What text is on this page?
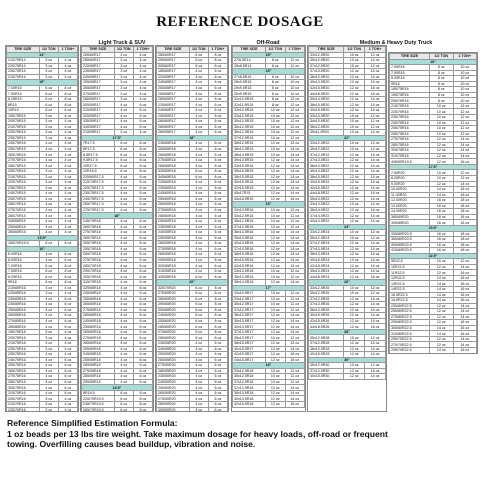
REFERENCE DOSAGE
Light Truck & SUV	Off-Road	Medium & Heavy Duty Truck
TIRE SIZE	1/2 TON	1 TON+
14"		
215/75R14	3 oz	4 oz
225/75R14	3 oz	4 oz
235/75R14	3 oz	4 oz
215/70R14	3 oz	4 oz
15"		
7.00R15	6 oz	8 oz
7.50R15	6 oz	8 oz
8.25R15	6 oz	8 oz
8R15	6 oz	8 oz
10R15	6 oz	8 oz
195/75R15	3 oz	4 oz
205/75R15	3 oz	4 oz
215/75R15	3 oz	4 oz
225/75R15	3 oz	4 oz
235/75R15	3 oz	4 oz
245/75R15	4 oz	4 oz
255/75R15	4 oz	4 oz
265/75R15	4 oz	4 oz
275/75R15	4 oz	4 oz
285/75R15	4 oz	4 oz
205/70R15	3 oz	4 oz
215/70R15	3 oz	4 oz
225/70R15	3 oz	4 oz
235/70R15	3 oz	4 oz
245/70R15	4 oz	4 oz
255/70R15	4 oz	4 oz
265/70R15	4 oz	4 oz
275/70R15	4 oz	4 oz
285/70R15	4 oz	4 oz
345/65R15	4 oz	4 oz
255/65R15	4 oz	4 oz
265/65R15	4 oz	4 oz
15.5"		
165/70R15.5	6 oz	8 oz
16"		
6.00R16	4 oz	6 oz
6.50R16	4 oz	6 oz
7.00R16	6 oz	8 oz
7.50R16	6 oz	8 oz
8.25R16	6 oz	8 oz
9R16	6 oz	8 oz
215/85R16	3 oz	4 oz
225/85R16	3 oz	4 oz
235/85R16	4 oz	6 oz
245/85R16	4 oz	6 oz
255/85R16	4 oz	6 oz
265/85R16	4 oz	6 oz
275/85R16	4 oz	6 oz
285/85R16	4 oz	6 oz
195/75R16	3 oz	4 oz
205/75R16	3 oz	4 oz
215/75R16	3 oz	4 oz
225/75R16	3 oz	4 oz
235/75R16	4 oz	4 oz
245/75R16	4 oz	6 oz
255/75R16	4 oz	6 oz
265/75R16	4 oz	6 oz
275/75R16	4 oz	6 oz
285/75R16	4 oz	6 oz
305/75R16	4 oz	6 oz
315/75R16	4 oz	6 oz
205/70R16	3 oz	4 oz
215/70R16	3 oz	4 oz
225/70R16	3 oz	4 oz

TIRE SIZE	1/2 TON	1 TON+
265/60R17	3 oz	4 oz
285/60R17	3 oz	4 oz
225/55R17	3 oz	4 oz
235/55R17	3 oz	4 oz
245/55R17	3 oz	4 oz
255/55R17	3 oz	4 oz
265/55R17	3 oz	4 oz
275/55R17	3 oz	4 oz
285/55R17	3 oz	4 oz
305/55R17	4 oz	6 oz
315/55R17	4 oz	6 oz
325/55R17	4 oz	6 oz
335/55R17	4 oz	6 oz
345/55R17	4 oz	6 oz
215/55R17	3 oz	4 oz
17.5"		
7R17.5	6 oz	8 oz
8R17.5	6 oz	8 oz
8.5R17.5	6 oz	8 oz
9.5R17.5	6 oz	8 oz
10R17.5	6 oz	8 oz
12R16.5	6 oz	8 oz
235/80R17.5	4 oz	6 oz
215/75R17.5	4 oz	6 oz
225/75R17.5	4 oz	6 oz
235/75R17.5	4 oz	6 oz
245/75R17.5	4 oz	6 oz
265/75R17.5	4 oz	6 oz
275/70R17.5	4 oz	6 oz
18"		
245/75R18	4 oz	6 oz
265/75R18	4 oz	6 oz
275/75R18	4 oz	6 oz
285/75R18	4 oz	6 oz
295/75R18	4 oz	6 oz
255/70R18	4 oz	6 oz
265/70R18	4 oz	6 oz
275/70R18	4 oz	6 oz
285/70R18	4 oz	6 oz
295/70R18	4 oz	6 oz
305/70R18	4 oz	6 oz
315/70R18	4 oz	6 oz
325/65R18	4 oz	6 oz
245/65R18	4 oz	6 oz
255/65R18	4 oz	6 oz
265/65R18	4 oz	6 oz
275/65R18	4 oz	6 oz
285/65R18	4 oz	6 oz
245/60R18	4 oz	6 oz
255/60R18	4 oz	6 oz
265/60R18	4 oz	6 oz
275/60R18	4 oz	6 oz
285/60R18	4 oz	6 oz
295/60R18	4 oz	6 oz
245/55R18	4 oz	6 oz
255/55R18	4 oz	6 oz
265/55R18	4 oz	6 oz
275/55R18	4 oz	6 oz
285/55R18	4 oz	6 oz
295/55R18	4 oz	6 oz
19.5"		
8R19.5	6 oz	8 oz
225/70R19.5	6 oz	8 oz
245/70R19.5	6 oz	8 oz
265/70R19.5	6 oz	8 oz

TIRE SIZE	1/2 TON	1 TON+
285/60R17	6 oz	8 oz
295/60R17	6 oz	8 oz
305/60R17	6 oz	8 oz
185/60R17	4 oz	6 oz
225/65R17	4 oz	6 oz
245/65R17	4 oz	6 oz
255/65R17	4 oz	6 oz
265/65R17	4 oz	6 oz
285/65R17	4 oz	6 oz
225/60R17	4 oz	6 oz
245/60R17	4 oz	6 oz
255/60R17	4 oz	6 oz
265/60R17	4 oz	6 oz
285/60R17	4 oz	6 oz
265/55R17	4 oz	6 oz
18"		
235/65R18	4 oz	6 oz
255/65R18	4 oz	6 oz
265/65R18	4 oz	6 oz
275/65R18	4 oz	6 oz
285/65R18	4 oz	6 oz
325/65R18	6 oz	8 oz
345/65R18	6 oz	8 oz
225/60R18	4 oz	6 oz
235/60R18	4 oz	6 oz
245/60R18	4 oz	6 oz
255/60R18	4 oz	6 oz
265/60R18	4 oz	6 oz
275/60R18	4 oz	6 oz
285/60R18	4 oz	6 oz
295/60R18	4 oz	6 oz
235/55R18	4 oz	6 oz
245/55R18	4 oz	6 oz
255/55R18	4 oz	6 oz
265/55R18	4 oz	6 oz
275/55R18	4 oz	6 oz
285/55R18	4 oz	6 oz
295/55R18	4 oz	6 oz
305/55R18	4 oz	6 oz
315/55R18	4 oz	6 oz
335/55R18	6 oz	8 oz
20"		
325/70R20	6 oz	8 oz
275/65R20	6 oz	8 oz
285/65R20	6 oz	8 oz
295/65R20	6 oz	8 oz
305/65R20	6 oz	8 oz
245/60R20	6 oz	8 oz
255/60R20	6 oz	8 oz
265/60R20	6 oz	8 oz
275/60R20	6 oz	8 oz
285/60R20	6 oz	8 oz
235/55R20	4 oz	6 oz
245/55R20	4 oz	6 oz
255/55R20	4 oz	6 oz
265/55R20	4 oz	6 oz
275/55R20	4 oz	6 oz
285/55R20	4 oz	6 oz
235/50R20	4 oz	6 oz
245/50R20	4 oz	6 oz
255/50R20	4 oz	6 oz
265/50R20	4 oz	6 oz
275/50R20	4 oz	6 oz
285/50R20	4 oz	6 oz
305/50R20	4 oz	6 oz

TIRE SIZE	1/2 TON	1 TON+
15"		
27/8.5R14	8 oz	12 oz
28x8.5R14	8 oz	12 oz
15"		
27x8.5R15	8 oz	10 oz
28x9.5R15	8 oz	10 oz
29x9.5R15	8 oz	10 oz
30x9.5R15	8 oz	10 oz
31x10.5R15	8 oz	12 oz
32x11.5R15	8 oz	12 oz
33x10.5R15	10 oz	12 oz
33x12.5R15	10 oz	12 oz
35x10.5R15	10 oz	12 oz
35x12.5R15	10 oz	12 oz
36x12.5R15	10 oz	12 oz
37x12.5R15	10 oz	12 oz
38x12.5R15	10 oz	14 oz
38x13.5R15	10 oz	14 oz
38x14.5R15	10 oz	14 oz
39x13.5R15	12 oz	14 oz
33x15.5R15	12 oz	14 oz
35x15.5R15	12 oz	14 oz
38x15.5R15	12 oz	14 oz
40x15.5R15	12 oz	14 oz
42x15.5R15	12 oz	14 oz
40x17R15	12 oz	14 oz
44x18.5R15	12 oz	16 oz
16"		
33x10.5R16	10 oz	12 oz
33x12.5R16	10 oz	12 oz
35x12.5R16	10 oz	12 oz
37x12.5R16	10 oz	12 oz
38x13.5R16	10 oz	14 oz
39x13.5R16	12 oz	14 oz
40x13.5R16	12 oz	14 oz
37x14.5R16	12 oz	14 oz
38x15.5R16	12 oz	14 oz
40x15.5R16	12 oz	14 oz
42x15.5R16	12 oz	14 oz
33x13.5R16	10 oz	12 oz
35x13.5R16	10 oz	12 oz
38x14.5R16	12 oz	14 oz
17"		
33x10.5R17	10 oz	12 oz
33x12.5R17	10 oz	12 oz
35x12.5R17	10 oz	12 oz
37x12.5R17	10 oz	12 oz
38x13.5R17	12 oz	14 oz
39x13.5R17	12 oz	14 oz
40x13.5R17	12 oz	14 oz
37x13.5R17	12 oz	14 oz
35x13.5R17	10 oz	12 oz
38x15.5R17	12 oz	14 oz
40x15.5R17	12 oz	14 oz
42x15.5R17	12 oz	16 oz
44x18.5R17	12 oz	16 oz
18"		
33x12.5R18	10 oz	12 oz
35x12.5R18	10 oz	12 oz
37x12.5R18	10 oz	12 oz
37x13.5R18	12 oz	14 oz
38x13.5R18	12 oz	14 oz
40x13.5R18	12 oz	14 oz
42x15.5R18	12 oz	16 oz
TIRE SIZE	1/2 TON	1 TON+
33x12.5R20	10 oz	12 oz
35x12.5R20	10 oz	12 oz
37x12.5R20	10 oz	12 oz
37x13.5R20	12 oz	14 oz
38x13.5R20	12 oz	14 oz
40x13.5R20	12 oz	14 oz
42x15.5R20	12 oz	16 oz
44x18.5R20	12 oz	16 oz
35x13.5R20	12 oz	14 oz
38x15.5R20	12 oz	14 oz
40x15.5R20	12 oz	14 oz
33x13.5R20	10 oz	12 oz
34x10.5R20	10 oz	12 oz
36x12.5R20	10 oz	12 oz
35x11.5R20	10 oz	12 oz
22"		
33x12.5R22	10 oz	12 oz
35x12.5R22	10 oz	12 oz
37x12.5R22	12 oz	14 oz
37x13.5R22	12 oz	14 oz
38x13.5R22	12 oz	14 oz
40x13.5R22	12 oz	14 oz
38x15.5R22	12 oz	14 oz
40x15.5R22	12 oz	14 oz
42x15.5R22	12 oz	14 oz
44x18.5R22	12 oz	16 oz
35x13.5R22	12 oz	14 oz
33x13.5R22	10 oz	12 oz
36x14.5R22	12 oz	14 oz
37x14.5R22	12 oz	14 oz
40x14.5R22	12 oz	14 oz
24"		
33x12.5R24	10 oz	12 oz
35x12.5R24	10 oz	12 oz
37x12.5R24	12 oz	14 oz
37x13.5R24	12 oz	14 oz
38x13.5R24	12 oz	14 oz
40x15.5R24	12 oz	14 oz
42x15.5R24	12 oz	14 oz
35x13.5R24	12 oz	14 oz
44x18.5R24	12 oz	16 oz
26"		
33x12.5R26	10 oz	12 oz
35x12.5R26	10 oz	12 oz
37x12.5R26	12 oz	14 oz
37x13.5R26	12 oz	14 oz
38x13.5R26	12 oz	14 oz
40x15.5R26	12 oz	14 oz
42x15.5R26	12 oz	14 oz
44x18.5R26	12 oz	16 oz
28"		
35x12.5R28	10 oz	12 oz
37x12.5R28	12 oz	14 oz
38x13.5R28	12 oz	14 oz
40x15.5R28	12 oz	14 oz
30"		
35x12.5R30	10 oz	12 oz
37x12.5R30	12 oz	14 oz
40x15.5R30	12 oz	14 oz
TIRE SIZE	1/2 TON	1 TON+
16"		
7.00R16	8 oz	10 oz
7.50R16	8 oz	10 oz
8.25R16	8 oz	10 oz
9R16	8 oz	10 oz
185/75R16	8 oz	10 oz
195/75R16	8 oz	10 oz
205/75R16	8 oz	10 oz
215/75R16	10 oz	12 oz
225/75R16	10 oz	12 oz
235/75R16	10 oz	12 oz
245/75R16	10 oz	12 oz
255/75R16	10 oz	12 oz
265/75R16	10 oz	12 oz
275/75R16	12 oz	14 oz
285/75R16	12 oz	14 oz
305/75R16	12 oz	14 oz
315/75R16	12 oz	14 oz
445/65R19.5	12 oz	16 oz
17.5"		
7.50R20	10 oz	12 oz
8.25R20	10 oz	12 oz
9.00R20	12 oz	14 oz
10.00R20	14 oz	16 oz
11.00R20	14 oz	16 oz
12.00R20	16 oz	18 oz
13.00R20	16 oz	18 oz
14.00R20	16 oz	18 oz
365/80R20	16 oz	18 oz
395/85R20	16 oz	18 oz
20.5"		
335/80R20.5	16 oz	18 oz
365/80R20.5	16 oz	18 oz
395/85R20.5	16 oz	18 oz
415/80R20.5	16 oz	18 oz
22.5"		
9R22.5	10 oz	12 oz
10R22.5	12 oz	14 oz
11R22.5	12 oz	16 oz
12R22.5	14 oz	16 oz
13R22.5	14 oz	16 oz
14R22.5	14 oz	16 oz
16.5R22.5	14 oz	16 oz
18.5R22.5	14 oz	16 oz
235/80R22.5	12 oz	14 oz
255/80R22.5	12 oz	14 oz
275/80R22.5	12 oz	14 oz
295/80R22.5	12 oz	16 oz
305/80R22.5	14 oz	16 oz
315/80R22.5	14 oz	16 oz
255/70R22.5	12 oz	14 oz
275/70R22.5	12 oz	14 oz
295/70R22.5	14 oz	16 oz

Reference Simplified Estimation Formula:
1 oz beads per 13 lbs tire weight. Take maximum dosage for heavy loads, off-road or frequent
towing. Overfilling causes bead buildup, vibration and noise.
